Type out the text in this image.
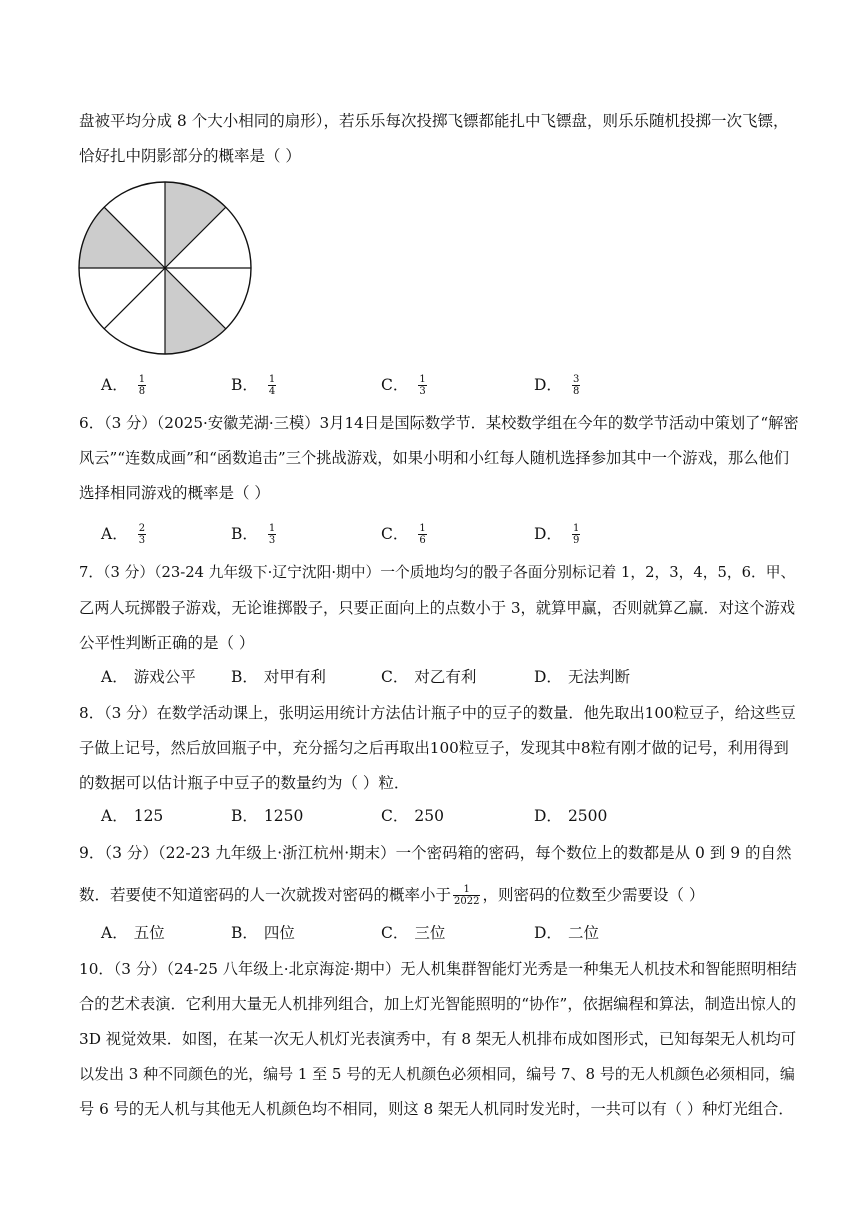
盘被平均分成 8 个大小相同的扇形），若乐乐每次投掷飞镖都能扎中飞镖盘，则乐乐随机投掷一次飞镖，
恰好扎中阴影部分的概率是（ ）
A． $\frac{1}{8}$	B． $\frac{1}{4}$	C． $\frac{1}{3}$	D． $\frac{3}{8}$
6．（3 分）（2025·安徽芜湖·三模）3月14日是国际数学节．某校数学组在今年的数学节活动中策划了“解密
风云”“连数成画”和“函数追击”三个挑战游戏，如果小明和小红每人随机选择参加其中一个游戏，那么他们
选择相同游戏的概率是（ ）
A． $\frac{2}{3}$	B． $\frac{1}{3}$	C． $\frac{1}{6}$	D． $\frac{1}{9}$
7．（3 分）（23-24 九年级下·辽宁沈阳·期中）一个质地均匀的骰子各面分别标记着 1，2，3，4，5，6．甲、
乙两人玩掷骰子游戏，无论谁掷骰子，只要正面向上的点数小于 3，就算甲赢，否则就算乙赢．对这个游戏
公平性判断正确的是（ ）
A． 游戏公平 B． 对甲有利	C． 对乙有利	D． 无法判断
8．（3 分）在数学活动课上，张明运用统计方法估计瓶子中的豆子的数量．他先取出100粒豆子，给这些豆
子做上记号，然后放回瓶子中，充分摇匀之后再取出100粒豆子，发现其中8粒有刚才做的记号，利用得到
的数据可以估计瓶子中豆子的数量约为（ ）粒．
A． 125	B． 1250	C． 250	D． 2500
9．（3 分）（22-23 九年级上·浙江杭州·期末）一个密码箱的密码，每个数位上的数都是从 0 到 9 的自然
数．若要使不知道密码的人一次就拨对密码的概率小于 $\frac{1}{2022}$ ，则密码的位数至少需要设（ ）
A． 五位	B． 四位	C． 三位	D． 二位
10．（3 分）（24-25 八年级上·北京海淀·期中）无人机集群智能灯光秀是一种集无人机技术和智能照明相结
合的艺术表演．它利用大量无人机排列组合，加上灯光智能照明的“协作”，依据编程和算法，制造出惊人的
3D 视觉效果．如图，在某一次无人机灯光表演秀中，有 8 架无人机排布成如图形式，已知每架无人机均可
以发出 3 种不同颜色的光，编号 1 至 5 号的无人机颜色必须相同，编号 7、8 号的无人机颜色必须相同，编
号 6 号的无人机与其他无人机颜色均不相同，则这 8 架无人机同时发光时，一共可以有（ ）种灯光组合．
